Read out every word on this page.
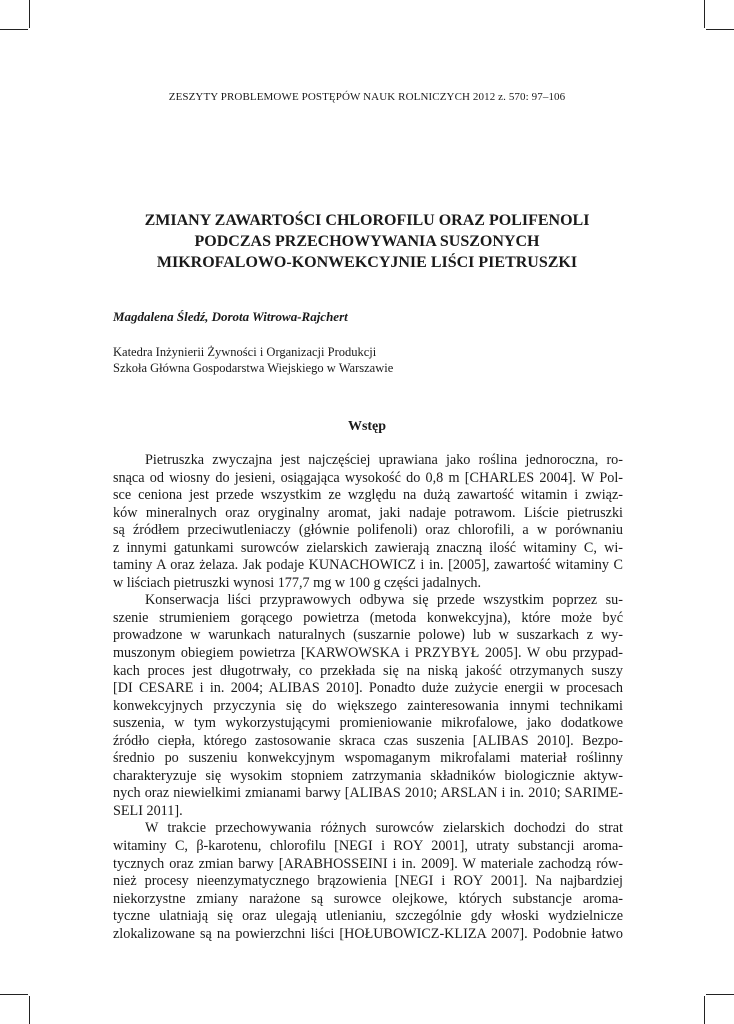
ZESZYTY PROBLEMOWE POSTĘPÓW NAUK ROLNICZYCH 2012 z. 570: 97–106
ZMIANY ZAWARTOŚCI CHLOROFILU ORAZ POLIFENOLI
PODCZAS PRZECHOWYWANIA SUSZONYCH
MIKROFALOWO-KONWEKCYJNIE LIŚCI PIETRUSZKI
Magdalena Śledź, Dorota Witrowa-Rajchert
Katedra Inżynierii Żywności i Organizacji Produkcji
Szkoła Główna Gospodarstwa Wiejskiego w Warszawie
Wstęp
Pietruszka zwyczajna jest najczęściej uprawiana jako roślina jednoroczna, ro-
snąca od wiosny do jesieni, osiągająca wysokość do 0,8 m [CHARLES 2004]. W Pol-
sce ceniona jest przede wszystkim ze względu na dużą zawartość witamin i związ-
ków mineralnych oraz oryginalny aromat, jaki nadaje potrawom. Liście pietruszki
są źródłem przeciwutleniaczy (głównie polifenoli) oraz chlorofili, a w porównaniu
z innymi gatunkami surowców zielarskich zawierają znaczną ilość witaminy C, wi-
taminy A oraz żelaza. Jak podaje KUNACHOWICZ i in. [2005], zawartość witaminy C
w liściach pietruszki wynosi 177,7 mg w 100 g części jadalnych.
Konserwacja liści przyprawowych odbywa się przede wszystkim poprzez su-
szenie strumieniem gorącego powietrza (metoda konwekcyjna), które może być
prowadzone w warunkach naturalnych (suszarnie polowe) lub w suszarkach z wy-
muszonym obiegiem powietrza [KARWOWSKA i PRZYBYŁ 2005]. W obu przypad-
kach proces jest długotrwały, co przekłada się na niską jakość otrzymanych suszy
[DI CESARE i in. 2004; ALIBAS 2010]. Ponadto duże zużycie energii w procesach
konwekcyjnych przyczynia się do większego zainteresowania innymi technikami
suszenia, w tym wykorzystującymi promieniowanie mikrofalowe, jako dodatkowe
źródło ciepła, którego zastosowanie skraca czas suszenia [ALIBAS 2010]. Bezpo-
średnio po suszeniu konwekcyjnym wspomaganym mikrofalami materiał roślinny
charakteryzuje się wysokim stopniem zatrzymania składników biologicznie aktyw-
nych oraz niewielkimi zmianami barwy [ALIBAS 2010; ARSLAN i in. 2010; SARIME-
SELI 2011].
W trakcie przechowywania różnych surowców zielarskich dochodzi do strat
witaminy C, β-karotenu, chlorofilu [NEGI i ROY 2001], utraty substancji aroma-
tycznych oraz zmian barwy [ARABHOSSEINI i in. 2009]. W materiale zachodzą rów-
nież procesy nieenzymatycznego brązowienia [NEGI i ROY 2001]. Na najbardziej
niekorzystne zmiany narażone są surowce olejkowe, których substancje aroma-
tyczne ulatniają się oraz ulegają utlenianiu, szczególnie gdy włoski wydzielnicze
zlokalizowane są na powierzchni liści [HOŁUBOWICZ-KLIZA 2007]. Podobnie łatwo
